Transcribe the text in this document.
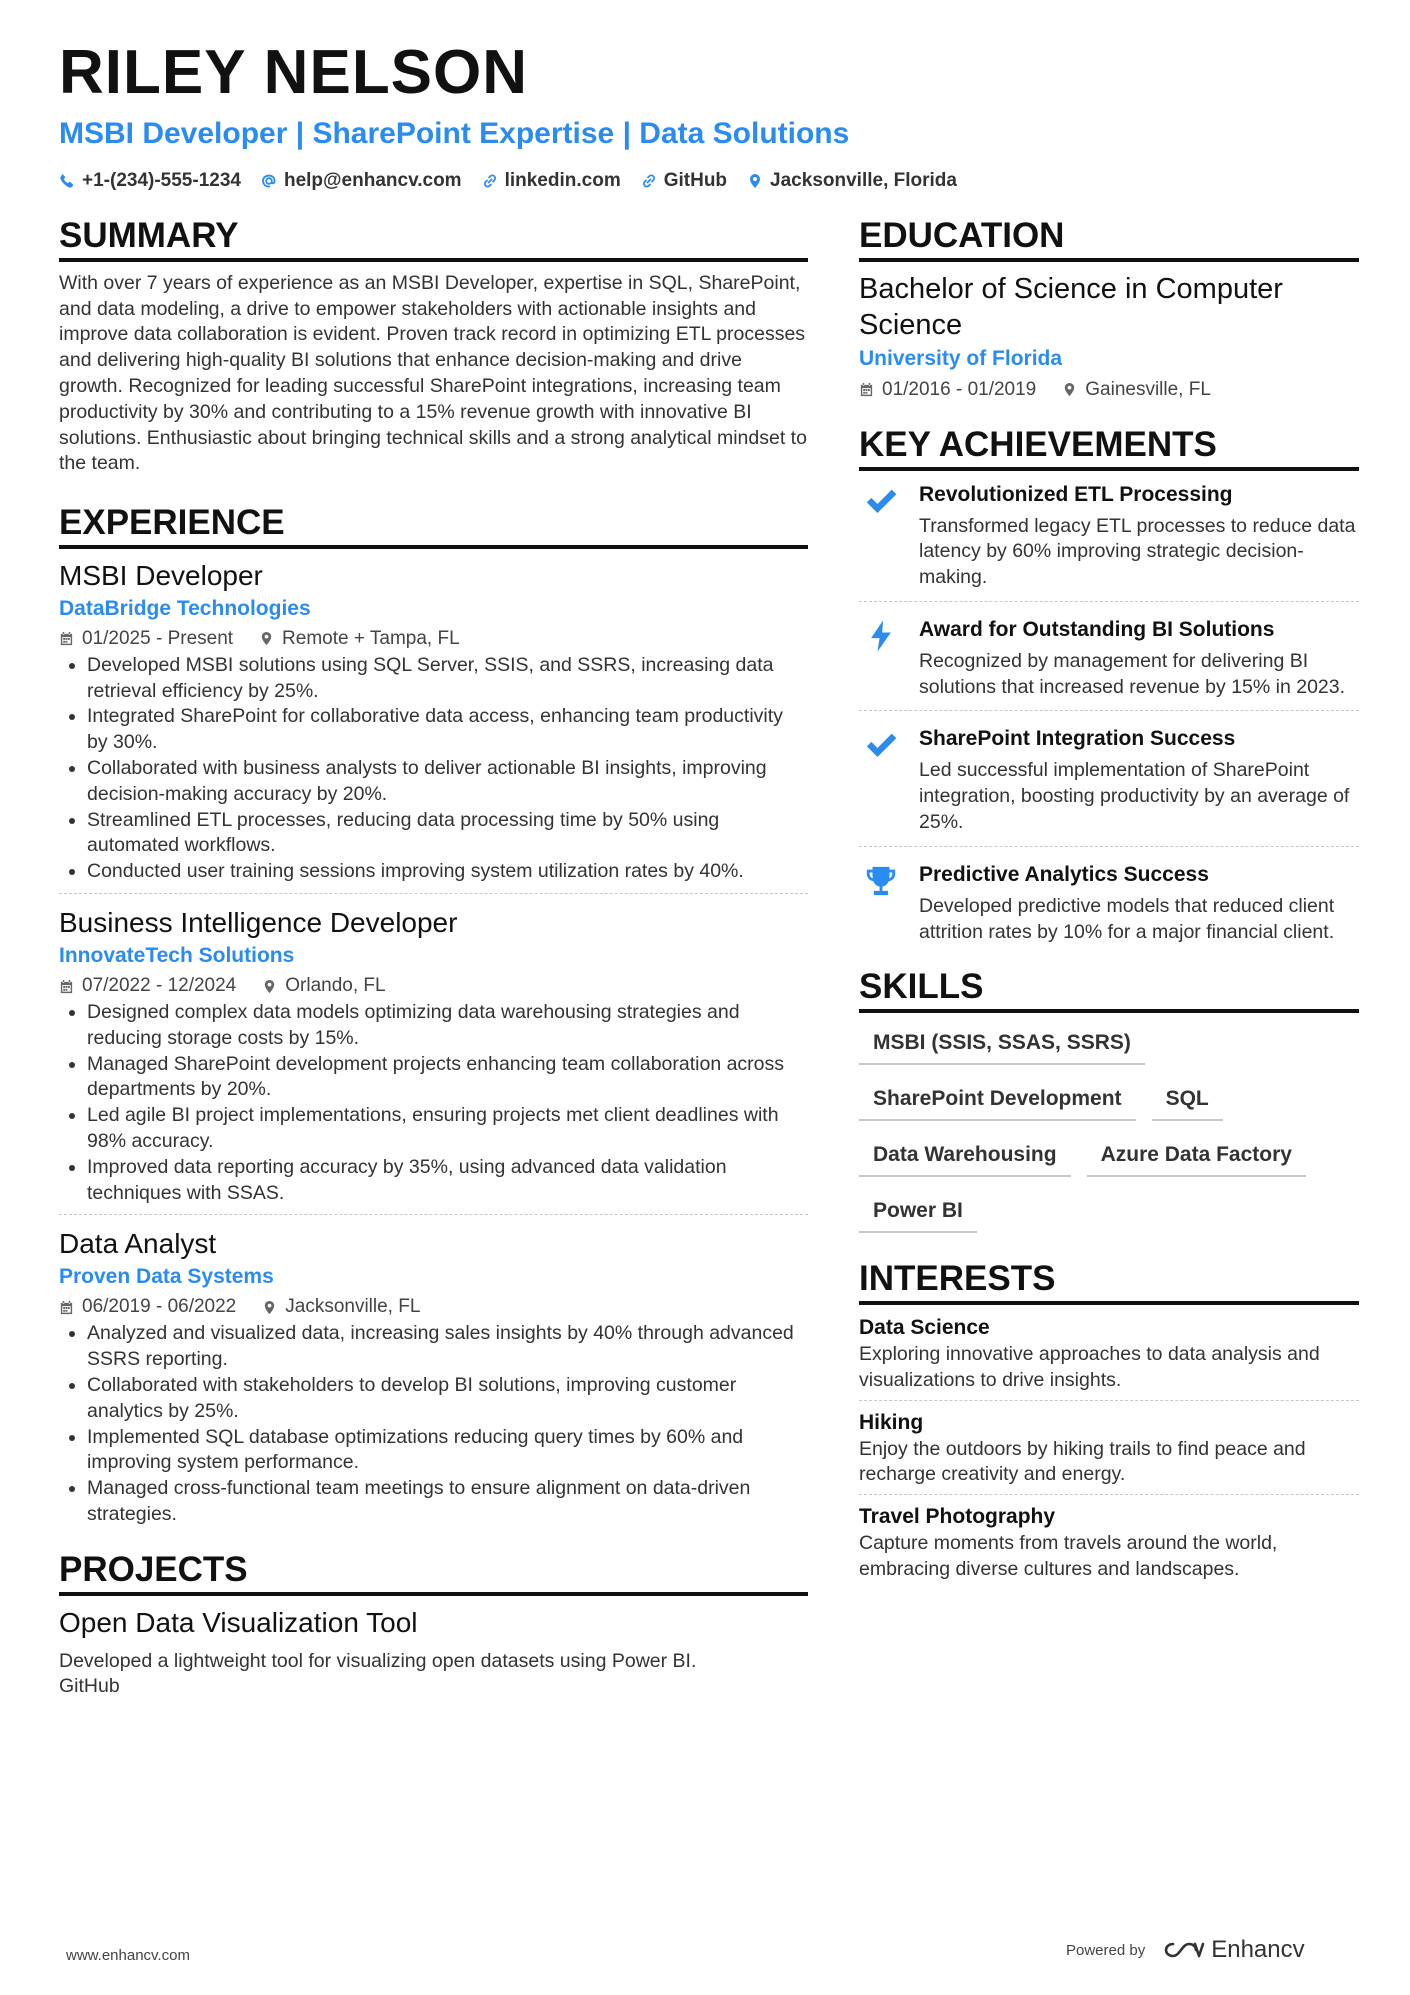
RILEY NELSON
MSBI Developer | SharePoint Expertise | Data Solutions
+1-(234)-555-1234 help@enhancv.com linkedin.com GitHub Jacksonville, Florida
SUMMARY
With over 7 years of experience as an MSBI Developer, expertise in SQL, SharePoint, and data modeling, a drive to empower stakeholders with actionable insights and improve data collaboration is evident. Proven track record in optimizing ETL processes and delivering high-quality BI solutions that enhance decision-making and drive growth. Recognized for leading successful SharePoint integrations, increasing team productivity by 30% and contributing to a 15% revenue growth with innovative BI solutions. Enthusiastic about bringing technical skills and a strong analytical mindset to the team.
EXPERIENCE
MSBI Developer
DataBridge Technologies
01/2025 - Present	Remote + Tampa, FL
• Developed MSBI solutions using SQL Server, SSIS, and SSRS, increasing data retrieval efficiency by 25%.
• Integrated SharePoint for collaborative data access, enhancing team productivity by 30%.
• Collaborated with business analysts to deliver actionable BI insights, improving decision-making accuracy by 20%.
• Streamlined ETL processes, reducing data processing time by 50% using automated workflows.
• Conducted user training sessions improving system utilization rates by 40%.
Business Intelligence Developer
InnovateTech Solutions
07/2022 - 12/2024	Orlando, FL
• Designed complex data models optimizing data warehousing strategies and reducing storage costs by 15%.
• Managed SharePoint development projects enhancing team collaboration across departments by 20%.
• Led agile BI project implementations, ensuring projects met client deadlines with 98% accuracy.
• Improved data reporting accuracy by 35%, using advanced data validation techniques with SSAS.
Data Analyst
Proven Data Systems
06/2019 - 06/2022	Jacksonville, FL
• Analyzed and visualized data, increasing sales insights by 40% through advanced SSRS reporting.
• Collaborated with stakeholders to develop BI solutions, improving customer analytics by 25%.
• Implemented SQL database optimizations reducing query times by 60% and improving system performance.
• Managed cross-functional team meetings to ensure alignment on data-driven strategies.
PROJECTS
Open Data Visualization Tool
Developed a lightweight tool for visualizing open datasets using Power BI.
GitHub
EDUCATION
Bachelor of Science in Computer Science
University of Florida
01/2016 - 01/2019	Gainesville, FL
KEY ACHIEVEMENTS
Revolutionized ETL Processing
Transformed legacy ETL processes to reduce data latency by 60% improving strategic decision-making.
Award for Outstanding BI Solutions
Recognized by management for delivering BI solutions that increased revenue by 15% in 2023.
SharePoint Integration Success
Led successful implementation of SharePoint integration, boosting productivity by an average of 25%.
Predictive Analytics Success
Developed predictive models that reduced client attrition rates by 10% for a major financial client.
SKILLS
MSBI (SSIS, SSAS, SSRS)
SharePoint Development	SQL
Data Warehousing	Azure Data Factory
Power BI
INTERESTS
Data Science
Exploring innovative approaches to data analysis and visualizations to drive insights.
Hiking
Enjoy the outdoors by hiking trails to find peace and recharge creativity and energy.
Travel Photography
Capture moments from travels around the world, embracing diverse cultures and landscapes.
www.enhancv.com	Powered by	Enhancv
